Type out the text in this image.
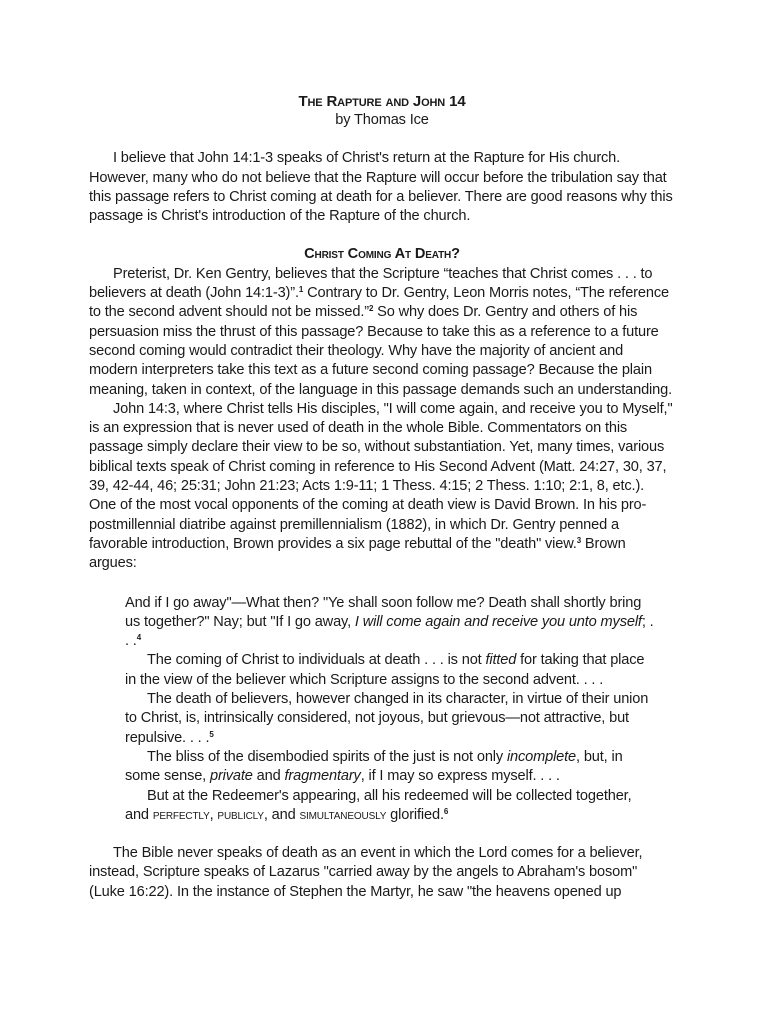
The Rapture and John 14
by Thomas Ice

I believe that John 14:1-3 speaks of Christ's return at the Rapture for His church. However, many who do not believe that the Rapture will occur before the tribulation say that this passage refers to Christ coming at death for a believer. There are good reasons why this passage is Christ's introduction of the Rapture of the church.

Christ Coming At Death?

Preterist, Dr. Ken Gentry, believes that the Scripture “teaches that Christ comes . . . to believers at death (John 14:1-3)”.$^1$ Contrary to Dr. Gentry, Leon Morris notes, “The reference to the second advent should not be missed.”$^2$ So why does Dr. Gentry and others of his persuasion miss the thrust of this passage? Because to take this as a reference to a future second coming would contradict their theology. Why have the majority of ancient and modern interpreters take this text as a future second coming passage? Because the plain meaning, taken in context, of the language in this passage demands such an understanding.

John 14:3, where Christ tells His disciples, "I will come again, and receive you to Myself," is an expression that is never used of death in the whole Bible. Commentators on this passage simply declare their view to be so, without substantiation. Yet, many times, various biblical texts speak of Christ coming in reference to His Second Advent (Matt. 24:27, 30, 37, 39, 42-44, 46; 25:31; John 21:23; Acts 1:9-11; 1 Thess. 4:15; 2 Thess. 1:10; 2:1, 8, etc.). One of the most vocal opponents of the coming at death view is David Brown. In his pro-postmillennial diatribe against premillennialism (1882), in which Dr. Gentry penned a favorable introduction, Brown provides a six page rebuttal of the "death" view.$^3$ Brown argues:

And if I go away"—What then? "Ye shall soon follow me? Death shall shortly bring us together?" Nay; but "If I go away, I will come again and receive you unto myself; . . .$^4$

The coming of Christ to individuals at death . . . is not fitted for taking that place in the view of the believer which Scripture assigns to the second advent. . . .

The death of believers, however changed in its character, in virtue of their union to Christ, is, intrinsically considered, not joyous, but grievous—not attractive, but repulsive. . . .$^5$

The bliss of the disembodied spirits of the just is not only incomplete, but, in some sense, private and fragmentary, if I may so express myself. . . .

But at the Redeemer's appearing, all his redeemed will be collected together, and perfectly, publicly, and simultaneously glorified.$^6$

The Bible never speaks of death as an event in which the Lord comes for a believer, instead, Scripture speaks of Lazarus "carried away by the angels to Abraham's bosom" (Luke 16:22). In the instance of Stephen the Martyr, he saw "the heavens opened up
